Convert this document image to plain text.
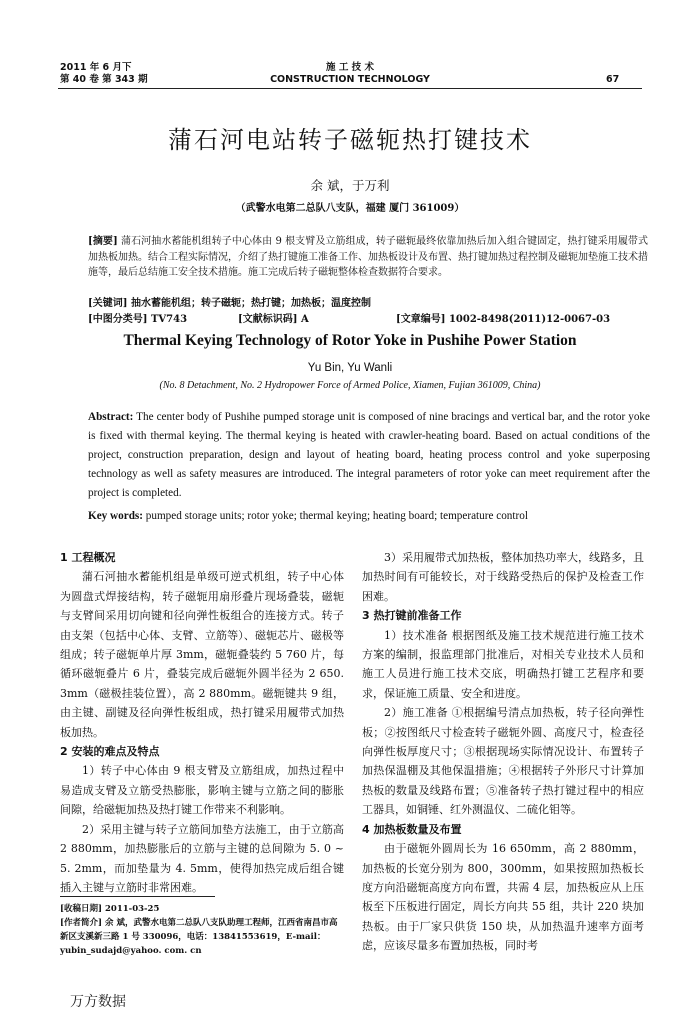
2011 年 6 月下
第 40 卷 第 343 期
施 工 技 术
CONSTRUCTION TECHNOLOGY	67
蒲石河电站转子磁轭热打键技术
余 斌，于万利
（武警水电第二总队八支队，福建 厦门 361009）
[摘要] 蒲石河抽水蓄能机组转子中心体由 9 根支臂及立筋组成，转子磁轭最终依靠加热后加入组合键固定，热打键采用履带式加热板加热。结合工程实际情况，介绍了热打键施工准备工作、加热板设计及布置、热打键加热过程控制及磁轭加垫施工技术措施等，最后总结施工安全技术措施。施工完成后转子磁轭整体检查数据符合要求。
[关键词] 抽水蓄能机组；转子磁轭；热打键；加热板；温度控制
[中图分类号] TV743	[文献标识码] A	[文章编号] 1002-8498(2011)12-0067-03
Thermal Keying Technology of Rotor Yoke in Pushihe Power Station
Yu Bin, Yu Wanli
(No. 8 Detachment, No. 2 Hydropower Force of Armed Police, Xiamen, Fujian 361009, China)
Abstract: The center body of Pushihe pumped storage unit is composed of nine bracings and vertical bar, and the rotor yoke is fixed with thermal keying. The thermal keying is heated with crawler-heating board. Based on actual conditions of the project, construction preparation, design and layout of heating board, heating process control and yoke superposing technology as well as safety measures are introduced. The integral parameters of rotor yoke can meet requirement after the project is completed.
Key words: pumped storage units; rotor yoke; thermal keying; heating board; temperature control
1 工程概况

蒲石河抽水蓄能机组是单级可逆式机组，转子中心体为圆盘式焊接结构，转子磁轭用扇形叠片现场叠装，磁轭与支臂间采用切向键和径向弹性板组合的连接方式。转子由支架（包括中心体、支臂、立筋等）、磁轭芯片、磁极等组成；转子磁轭单片厚 3mm，磁轭叠装约 5 760 片，每循环磁轭叠片 6 片，叠装完成后磁轭外圆半径为 2 650. 3mm（磁极挂装位置），高 2 880mm。磁轭键共 9 组，由主键、副键及径向弹性板组成，热打键采用履带式加热板加热。

2 安装的难点及特点

1）转子中心体由 9 根支臂及立筋组成，加热过程中易造成支臂及立筋受热膨胀，影响主键与立筋之间的膨胀间隙，给磁轭加热及热打键工作带来不利影响。

2）采用主键与转子立筋间加垫方法施工，由于立筋高 2 880mm，加热膨胀后的立筋与主键的总间隙为 5. 0 ~ 5. 2mm，而加垫量为 4. 5mm，使得加热完成后组合键插入主键与立筋时非常困难。

3）采用履带式加热板，整体加热功率大，线路多，且加热时间有可能较长，对于线路受热后的保护及检查工作困难。

3 热打键前准备工作

1）技术准备 根据图纸及施工技术规范进行施工技术方案的编制，报监理部门批准后，对相关专业技术人员和施工人员进行施工技术交底，明确热打键工艺程序和要求，保证施工质量、安全和进度。

2）施工准备 ①根据编号清点加热板，转子径向弹性板；②按图纸尺寸检查转子磁轭外圆、高度尺寸，检查径向弹性板厚度尺寸；③根据现场实际情况设计、布置转子加热保温棚及其他保温措施；④根据转子外形尺寸计算加热板的数量及线路布置；⑤准备转子热打键过程中的相应工器具，如铜锤、红外测温仪、二硫化钼等。

4 加热板数量及布置

由于磁轭外圆周长为 16 650mm，高 2 880mm，加热板的长宽分别为 800，300mm，如果按照加热板长度方向沿磁轭高度方向布置，共需 4 层，加热板应从上压板至下压板进行固定，周长方向共 55 组，共计 220 块加热板。由于厂家只供货 150 块，从加热温升速率方面考虑，应该尽量多布置加热板，同时考

[收稿日期] 2011-03-25
[作者简介] 余 斌，武警水电第二总队八支队助理工程师，江西省南昌市高新区支溪新三路 1 号 330096，电话：13841553619，E-mail：yubin_sudajd@yahoo. com. cn
万方数据
